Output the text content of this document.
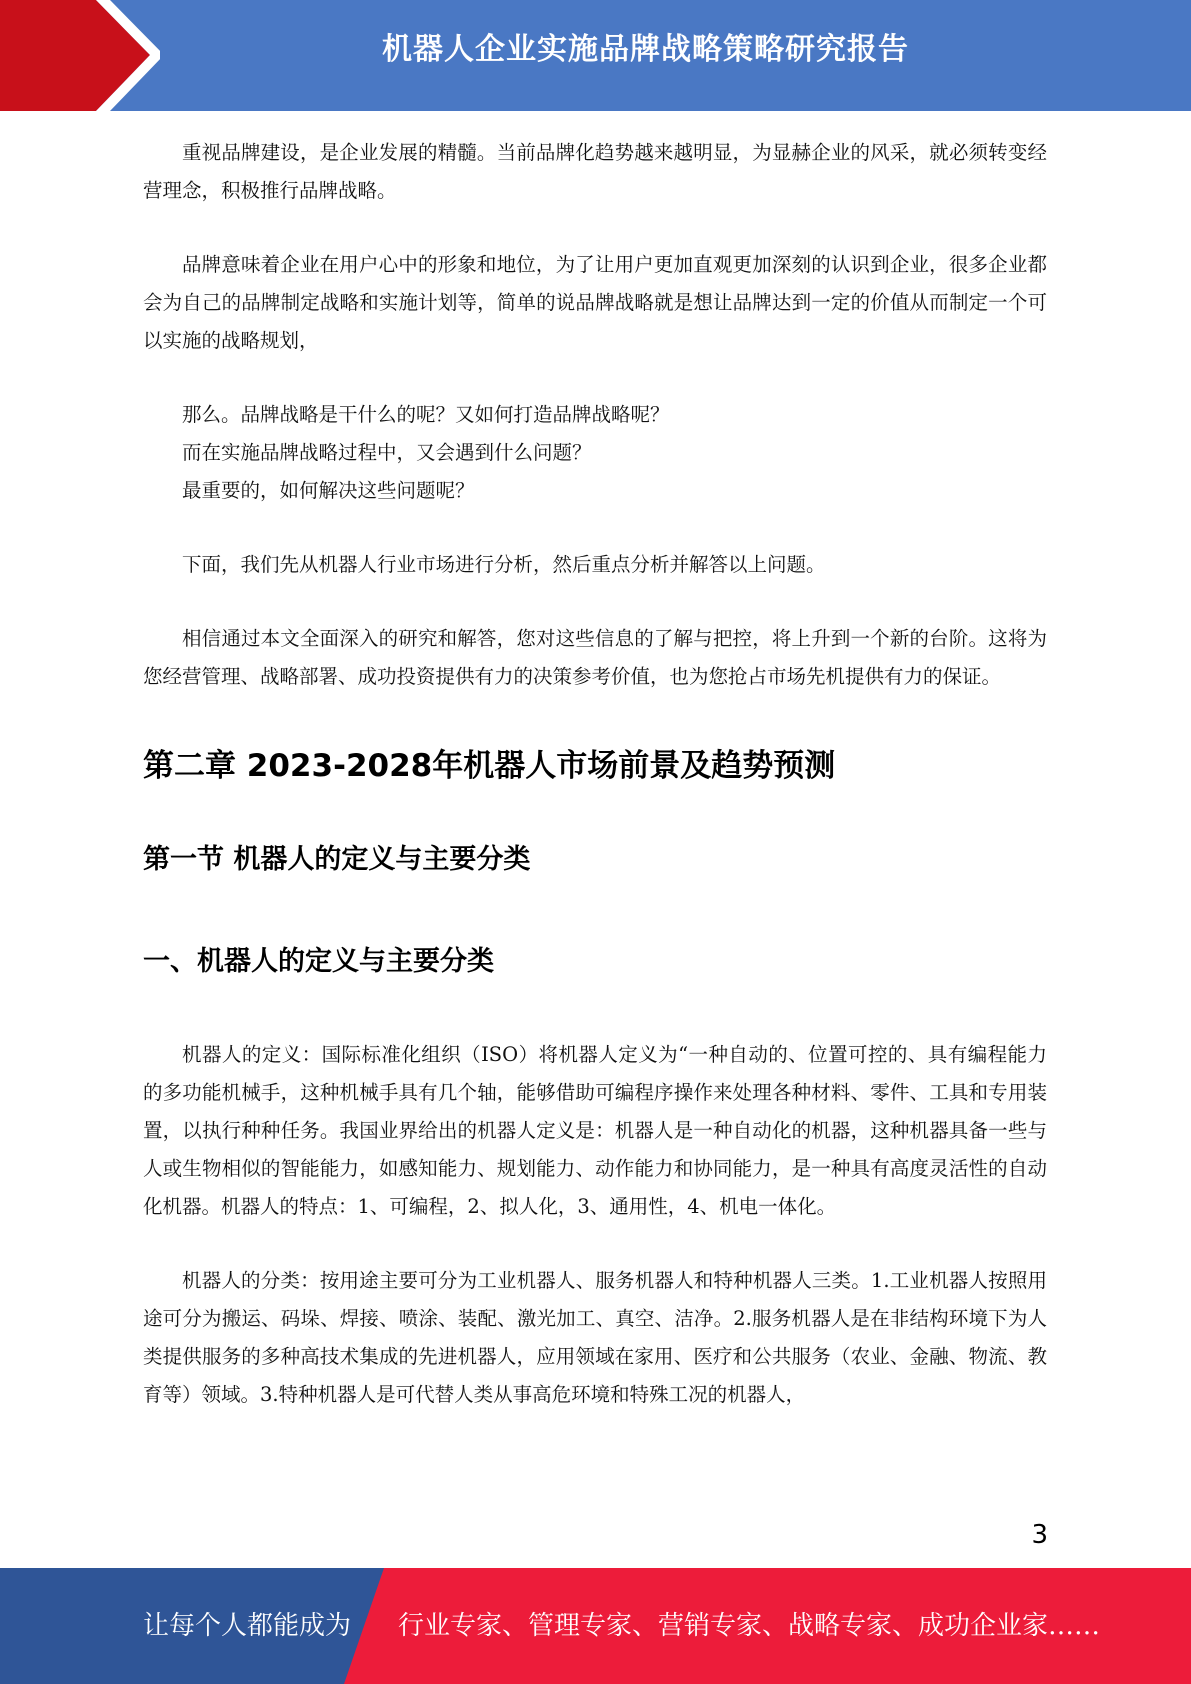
机器人企业实施品牌战略策略研究报告

重视品牌建设，是企业发展的精髓。当前品牌化趋势越来越明显，为显赫企业的风采，就必须转变经营理念，积极推行品牌战略。

品牌意味着企业在用户心中的形象和地位，为了让用户更加直观更加深刻的认识到企业，很多企业都会为自己的品牌制定战略和实施计划等，简单的说品牌战略就是想让品牌达到一定的价值从而制定一个可以实施的战略规划，

那么。品牌战略是干什么的呢？又如何打造品牌战略呢？

而在实施品牌战略过程中，又会遇到什么问题？

最重要的，如何解决这些问题呢？

下面，我们先从机器人行业市场进行分析，然后重点分析并解答以上问题。

相信通过本文全面深入的研究和解答，您对这些信息的了解与把控，将上升到一个新的台阶。这将为您经营管理、战略部署、成功投资提供有力的决策参考价值，也为您抢占市场先机提供有力的保证。

第二章 2023-2028年机器人市场前景及趋势预测
第一节 机器人的定义与主要分类
一、机器人的定义与主要分类

机器人的定义：国际标准化组织（ISO）将机器人定义为“一种自动的、位置可控的、具有编程能力的多功能机械手，这种机械手具有几个轴，能够借助可编程序操作来处理各种材料、零件、工具和专用装置，以执行种种任务。我国业界给出的机器人定义是：机器人是一种自动化的机器，这种机器具备一些与人或生物相似的智能能力，如感知能力、规划能力、动作能力和协同能力，是一种具有高度灵活性的自动化机器。机器人的特点：1、可编程，2、拟人化，3、通用性，4、机电一体化。

机器人的分类：按用途主要可分为工业机器人、服务机器人和特种机器人三类。1.工业机器人按照用途可分为搬运、码垛、焊接、喷涂、装配、激光加工、真空、洁净。2.服务机器人是在非结构环境下为人类提供服务的多种高技术集成的先进机器人，应用领域在家用、医疗和公共服务（农业、金融、物流、教育等）领域。3.特种机器人是可代替人类从事高危环境和特殊工况的机器人，

3
让每个人都能成为 行业专家、管理专家、营销专家、战略专家、成功企业家……
